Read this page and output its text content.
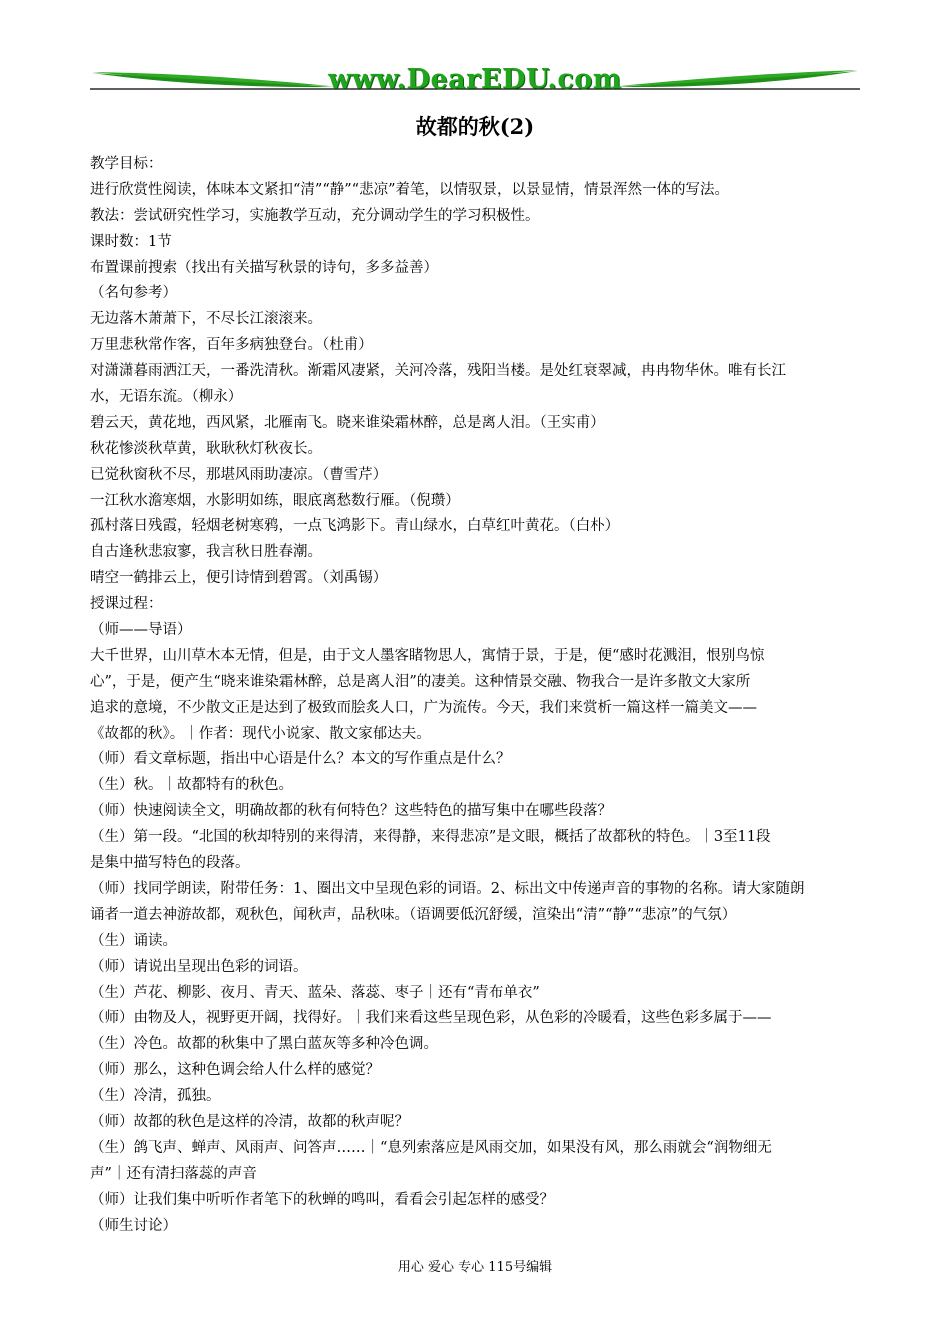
www.DearEDU.com
故都的秋(2)
教学目标：
进行欣赏性阅读，体味本文紧扣“清”“静”“悲凉”着笔，以情驭景，以景显情，情景浑然一体的写法。
教法：尝试研究性学习，实施教学互动，充分调动学生的学习积极性。
课时数：1节
布置课前搜索（找出有关描写秋景的诗句，多多益善）
（名句参考）
无边落木萧萧下，不尽长江滚滚来。
万里悲秋常作客，百年多病独登台。（杜甫）
对潇潇暮雨洒江天，一番洗清秋。渐霜风凄紧，关河冷落，残阳当楼。是处红衰翠减，冉冉物华休。唯有长江
水，无语东流。（柳永）
碧云天，黄花地，西风紧，北雁南飞。晓来谁染霜林醉，总是离人泪。（王实甫）
秋花惨淡秋草黄，耿耿秋灯秋夜长。
已觉秋窗秋不尽，那堪风雨助凄凉。（曹雪芹）
一江秋水澹寒烟，水影明如练，眼底离愁数行雁。（倪瓒）
孤村落日残霞，轻烟老树寒鸦，一点飞鸿影下。青山绿水，白草红叶黄花。（白朴）
自古逢秋悲寂寥，我言秋日胜春潮。
晴空一鹤排云上，便引诗情到碧霄。（刘禹锡）
授课过程：
（师——导语）
大千世界，山川草木本无情，但是，由于文人墨客睹物思人，寓情于景，于是，便“感时花溅泪，恨别鸟惊
心”，于是，便产生“晓来谁染霜林醉，总是离人泪”的凄美。这种情景交融、物我合一是许多散文大家所
追求的意境，不少散文正是达到了极致而脍炙人口，广为流传。今天，我们来赏析一篇这样一篇美文——
《故都的秋》。｜作者：现代小说家、散文家郁达夫。
（师）看文章标题，指出中心语是什么？本文的写作重点是什么？
（生）秋。｜故都特有的秋色。
（师）快速阅读全文，明确故都的秋有何特色？这些特色的描写集中在哪些段落？
（生）第一段。“北国的秋却特别的来得清，来得静，来得悲凉”是文眼，概括了故都秋的特色。｜3至11段
是集中描写特色的段落。
（师）找同学朗读，附带任务：1、圈出文中呈现色彩的词语。2、标出文中传递声音的事物的名称。请大家随朗
诵者一道去神游故都，观秋色，闻秋声，品秋味。（语调要低沉舒缓，渲染出“清”“静”“悲凉”的气氛）
（生）诵读。
（师）请说出呈现出色彩的词语。
（生）芦花、柳影、夜月、青天、蓝朵、落蕊、枣子｜还有“青布单衣”
（师）由物及人，视野更开阔，找得好。｜我们来看这些呈现色彩，从色彩的冷暖看，这些色彩多属于——
（生）冷色。故都的秋集中了黑白蓝灰等多种冷色调。
（师）那么，这种色调会给人什么样的感觉？
（生）冷清，孤独。
（师）故都的秋色是这样的冷清，故都的秋声呢？
（生）鸽飞声、蝉声、风雨声、问答声……｜“息列索落应是风雨交加，如果没有风，那么雨就会“润物细无
声”｜还有清扫落蕊的声音
（师）让我们集中听听作者笔下的秋蝉的鸣叫，看看会引起怎样的感受？
（师生讨论）
用心 爱心 专心 115号编辑
